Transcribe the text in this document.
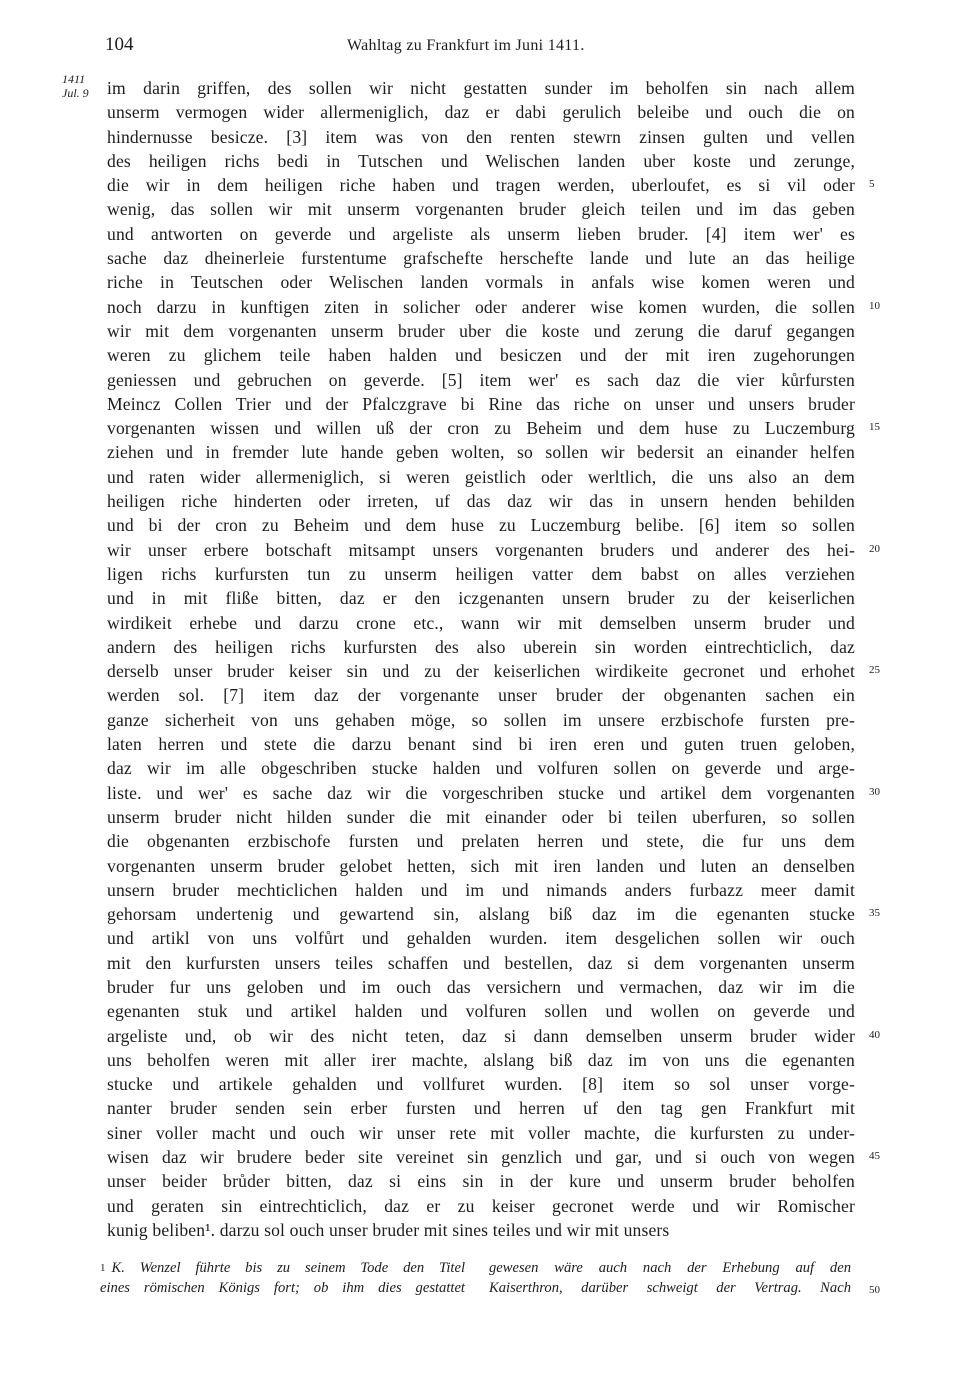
104	Wahltag zu Frankfurt im Juni 1411.
1411
Jul. 9 im darin griffen, des sollen wir nicht gestatten sunder im beholfen sin nach allem
unserm vermogen wider allermeniglich, daz er dabi gerulich beleibe und ouch die on
hindernusse besicze. [3] item was von den renten stewrn zinsen gulten und vellen
des heiligen richs bedi in Tutschen und Welischen landen uber koste und zerunge,
die wir in dem heiligen riche haben und tragen werden, uberloufet, es si vil oder
wenig, das sollen wir mit unserm vorgenanten bruder gleich teilen und im das geben
und antworten on geverde und argeliste als unserm lieben bruder. [4] item wer' es
sache daz dheinerleie furstentume grafschefte herschefte lande und lute an das heilige
riche in Teutschen oder Welischen landen vormals in anfals wise komen weren und
noch darzu in kunftigen ziten in solicher oder anderer wise komen wurden, die sollen
wir mit dem vorgenanten unserm bruder uber die koste und zerung die daruf gegangen
weren zu glichem teile haben halden und besiczen und der mit iren zugehorungen
geniessen und gebruchen on geverde. [5] item wer' es sach daz die vier kůrfursten
Meincz Collen Trier und der Pfalczgrave bi Rine das riche on unser und unsers bruder
vorgenanten wissen und willen uß der cron zu Beheim und dem huse zu Luczemburg
ziehen und in fremder lute hande geben wolten, so sollen wir bedersit an einander helfen
und raten wider allermeniglich, si weren geistlich oder werltlich, die uns also an dem
heiligen riche hinderten oder irreten, uf das daz wir das in unsern henden behilden
und bi der cron zu Beheim und dem huse zu Luczemburg belibe. [6] item so sollen
wir unser erbere botschaft mitsampt unsers vorgenanten bruders und anderer des hei-
ligen richs kurfursten tun zu unserm heiligen vatter dem babst on alles verziehen
und in mit fliße bitten, daz er den iczgenanten unsern bruder zu der keiserlichen
wirdikeit erhebe und darzu crone etc., wann wir mit demselben unserm bruder und
andern des heiligen richs kurfursten des also uberein sin worden eintrechticlich, daz
derselb unser bruder keiser sin und zu der keiserlichen wirdikeite gecronet und erhohet
werden sol. [7] item daz der vorgenante unser bruder der obgenanten sachen ein
ganze sicherheit von uns gehaben möge, so sollen im unsere erzbischofe fursten pre-
laten herren und stete die darzu benant sind bi iren eren und guten truen geloben,
daz wir im alle obgeschriben stucke halden und volfuren sollen on geverde und arge-
liste. und wer' es sache daz wir die vorgeschriben stucke und artikel dem vorgenanten
unserm bruder nicht hilden sunder die mit einander oder bi teilen uberfuren, so sollen
die obgenanten erzbischofe fursten und prelaten herren und stete, die fur uns dem
vorgenanten unserm bruder gelobet hetten, sich mit iren landen und luten an denselben
unsern bruder mechticlichen halden und im und nimands anders furbazz meer damit
gehorsam undertenig und gewartend sin, alslang biß daz im die egenanten stucke
und artikl von uns volfůrt und gehalden wurden. item desgelichen sollen wir ouch
mit den kurfursten unsers teiles schaffen und bestellen, daz si dem vorgenanten unserm
bruder fur uns geloben und im ouch das versichern und vermachen, daz wir im die
egenanten stuk und artikel halden und volfuren sollen und wollen on geverde und
argeliste und, ob wir des nicht teten, daz si dann demselben unserm bruder wider
uns beholfen weren mit aller irer machte, alslang biß daz im von uns die egenanten
stucke und artikele gehalden und vollfuret wurden. [8] item so sol unser vorge-
nanter bruder senden sein erber fursten und herren uf den tag gen Frankfurt mit
siner voller macht und ouch wir unser rete mit voller machte, die kurfursten zu under-
wisen daz wir brudere beder site vereinet sin genzlich und gar, und si ouch von wegen
unser beider brůder bitten, daz si eins sin in der kure und unserm bruder beholfen
und geraten sin eintrechticlich, daz er zu keiser gecronet werde und wir Romischer
kunig beliben¹. darzu sol ouch unser bruder mit sines teiles und wir mit unsers
5
10
15
20
25
30
35
40
45
$^1$ K. Wenzel führte bis zu seinem Tode den Titel gewesen wäre auch nach der Erhebung auf den
eines römischen Königs fort; ob ihm dies gestattet Kaiserthron, darüber schweigt der Vertrag. Nach 50
